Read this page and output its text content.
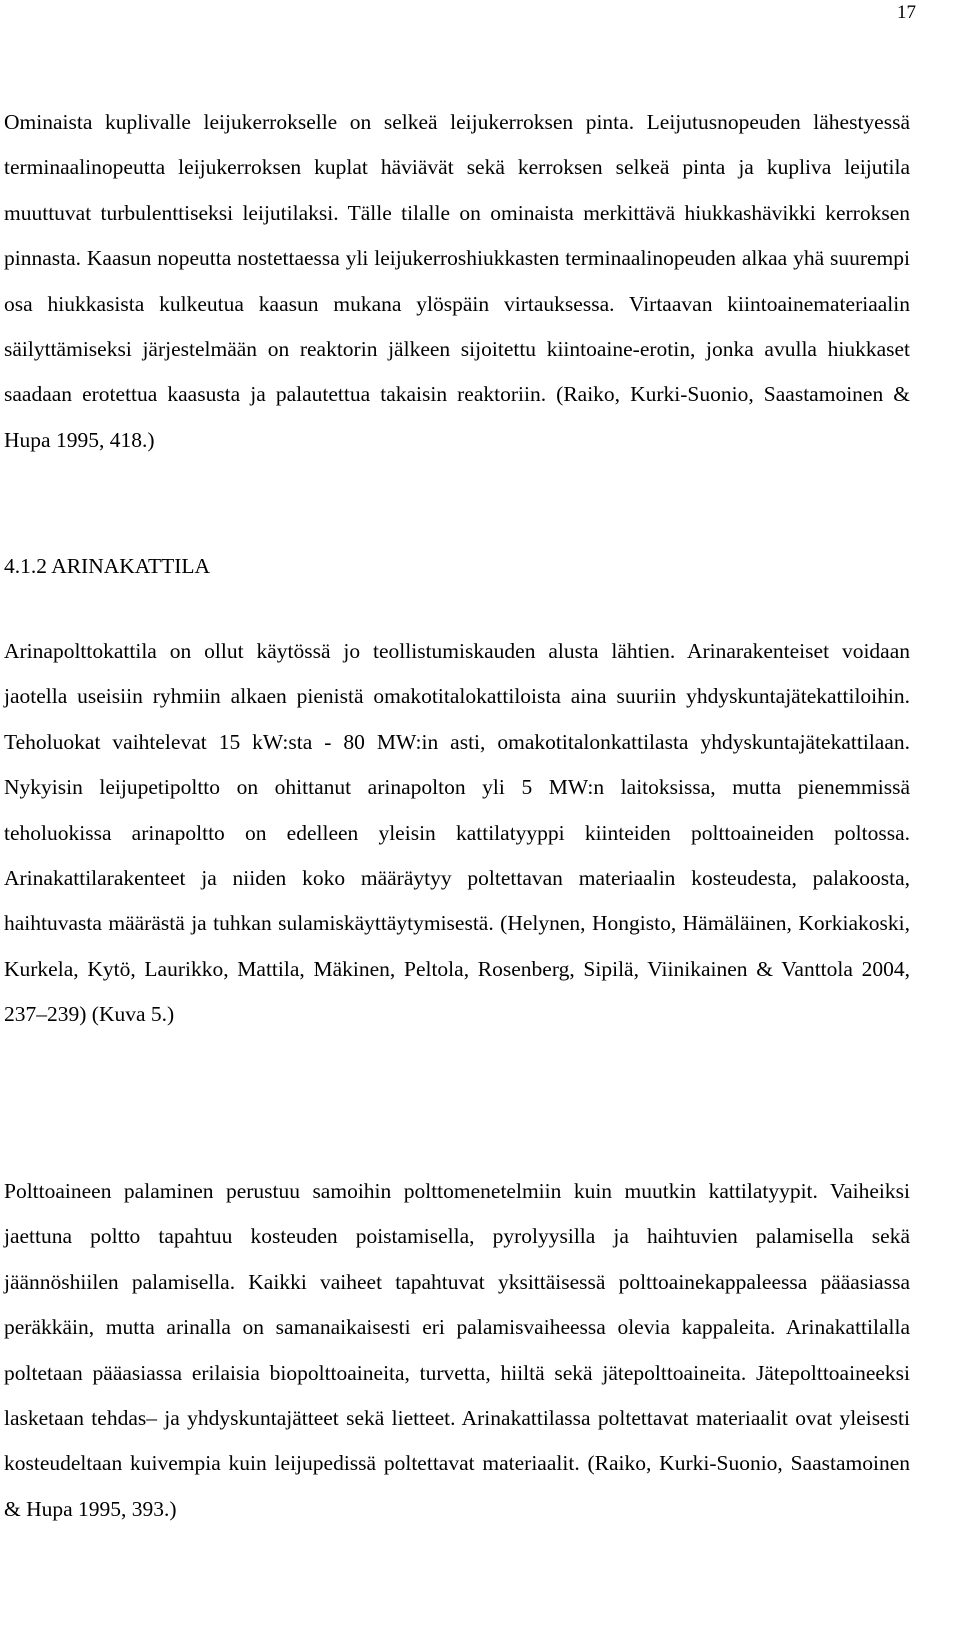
17

Ominaista kuplivalle leijukerrokselle on selkeä leijukerroksen pinta. Leijutusnopeuden lähestyessä terminaalinopeutta leijukerroksen kuplat häviävät sekä kerroksen selkeä pinta ja kupliva leijutila muuttuvat turbulenttiseksi leijutilaksi. Tälle tilalle on ominaista merkittävä hiukkashävikki kerroksen pinnasta. Kaasun nopeutta nostettaessa yli leijukerroshiukkasten terminaalinopeuden alkaa yhä suurempi osa hiukkasista kulkeutua kaasun mukana ylöspäin virtauksessa. Virtaavan kiintoainemateriaalin säilyttämiseksi järjestelmään on reaktorin jälkeen sijoitettu kiintoaine-erotin, jonka avulla hiukkaset saadaan erotettua kaasusta ja palautettua takaisin reaktoriin. (Raiko, Kurki-Suonio, Saastamoinen & Hupa 1995, 418.)

4.1.2 ARINAKATTILA

Arinapolttokattila on ollut käytössä jo teollistumiskauden alusta lähtien. Arinarakenteiset voidaan jaotella useisiin ryhmiin alkaen pienistä omakotitalokattiloista aina suuriin yhdyskuntajätekattiloihin. Teholuokat vaihtelevat 15 kW:sta - 80 MW:in asti, omakotitalonkattilasta yhdyskuntajätekattilaan. Nykyisin leijupetipoltto on ohittanut arinapolton yli 5 MW:n laitoksissa, mutta pienemmissä teholuokissa arinapoltto on edelleen yleisin kattilatyyppi kiinteiden polttoaineiden poltossa. Arinakattilarakenteet ja niiden koko määräytyy poltettavan materiaalin kosteudesta, palakoosta, haihtuvasta määrästä ja tuhkan sulamiskäyttäytymisestä. (Helynen, Hongisto, Hämäläinen, Korkiakoski, Kurkela, Kytö, Laurikko, Mattila, Mäkinen, Peltola, Rosenberg, Sipilä, Viinikainen & Vanttola 2004, 237–239) (Kuva 5.)

Polttoaineen palaminen perustuu samoihin polttomenetelmiin kuin muutkin kattilatyypit. Vaiheiksi jaettuna poltto tapahtuu kosteuden poistamisella, pyrolyysilla ja haihtuvien palamisella sekä jäännöshiilen palamisella. Kaikki vaiheet tapahtuvat yksittäisessä polttoainekappaleessa pääasiassa peräkkäin, mutta arinalla on samanaikaisesti eri palamisvaiheessa olevia kappaleita. Arinakattilalla poltetaan pääasiassa erilaisia biopolttoaineita, turvetta, hiiltä sekä jätepolttoaineita. Jätepolttoaineeksi lasketaan tehdas– ja yhdyskuntajätteet sekä lietteet. Arinakattilassa poltettavat materiaalit ovat yleisesti kosteudeltaan kuivempia kuin leijupedissä poltettavat materiaalit. (Raiko, Kurki-Suonio, Saastamoinen & Hupa 1995, 393.)
